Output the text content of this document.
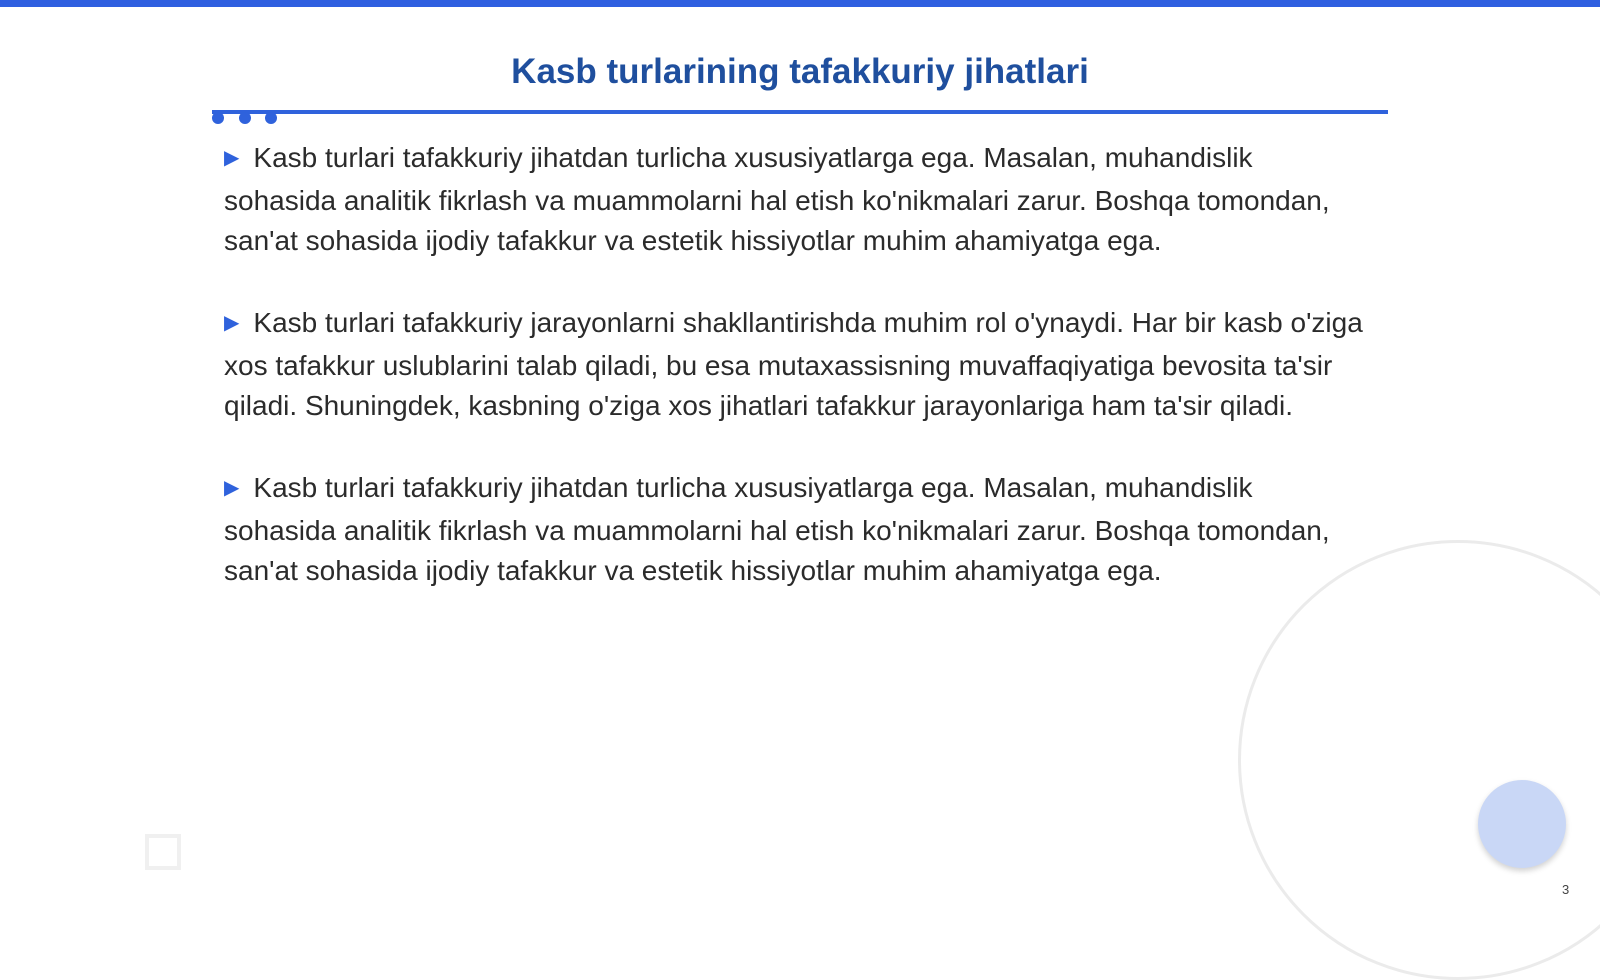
Kasb turlarining tafakkuriy jihatlari

▶ Kasb turlari tafakkuriy jihatdan turlicha xususiyatlarga ega. Masalan, muhandislik sohasida analitik fikrlash va muammolarni hal etish ko'nikmalari zarur. Boshqa tomondan, san'at sohasida ijodiy tafakkur va estetik hissiyotlar muhim ahamiyatga ega.

▶ Kasb turlari tafakkuriy jarayonlarni shakllantirishda muhim rol o'ynaydi. Har bir kasb o'ziga xos tafakkur uslublarini talab qiladi, bu esa mutaxassisning muvaffaqiyatiga bevosita ta'sir qiladi. Shuningdek, kasbning o'ziga xos jihatlari tafakkur jarayonlariga ham ta'sir qiladi.

▶ Kasb turlari tafakkuriy jihatdan turlicha xususiyatlarga ega. Masalan, muhandislik sohasida analitik fikrlash va muammolarni hal etish ko'nikmalari zarur. Boshqa tomondan, san'at sohasida ijodiy tafakkur va estetik hissiyotlar muhim ahamiyatga ega.

3
